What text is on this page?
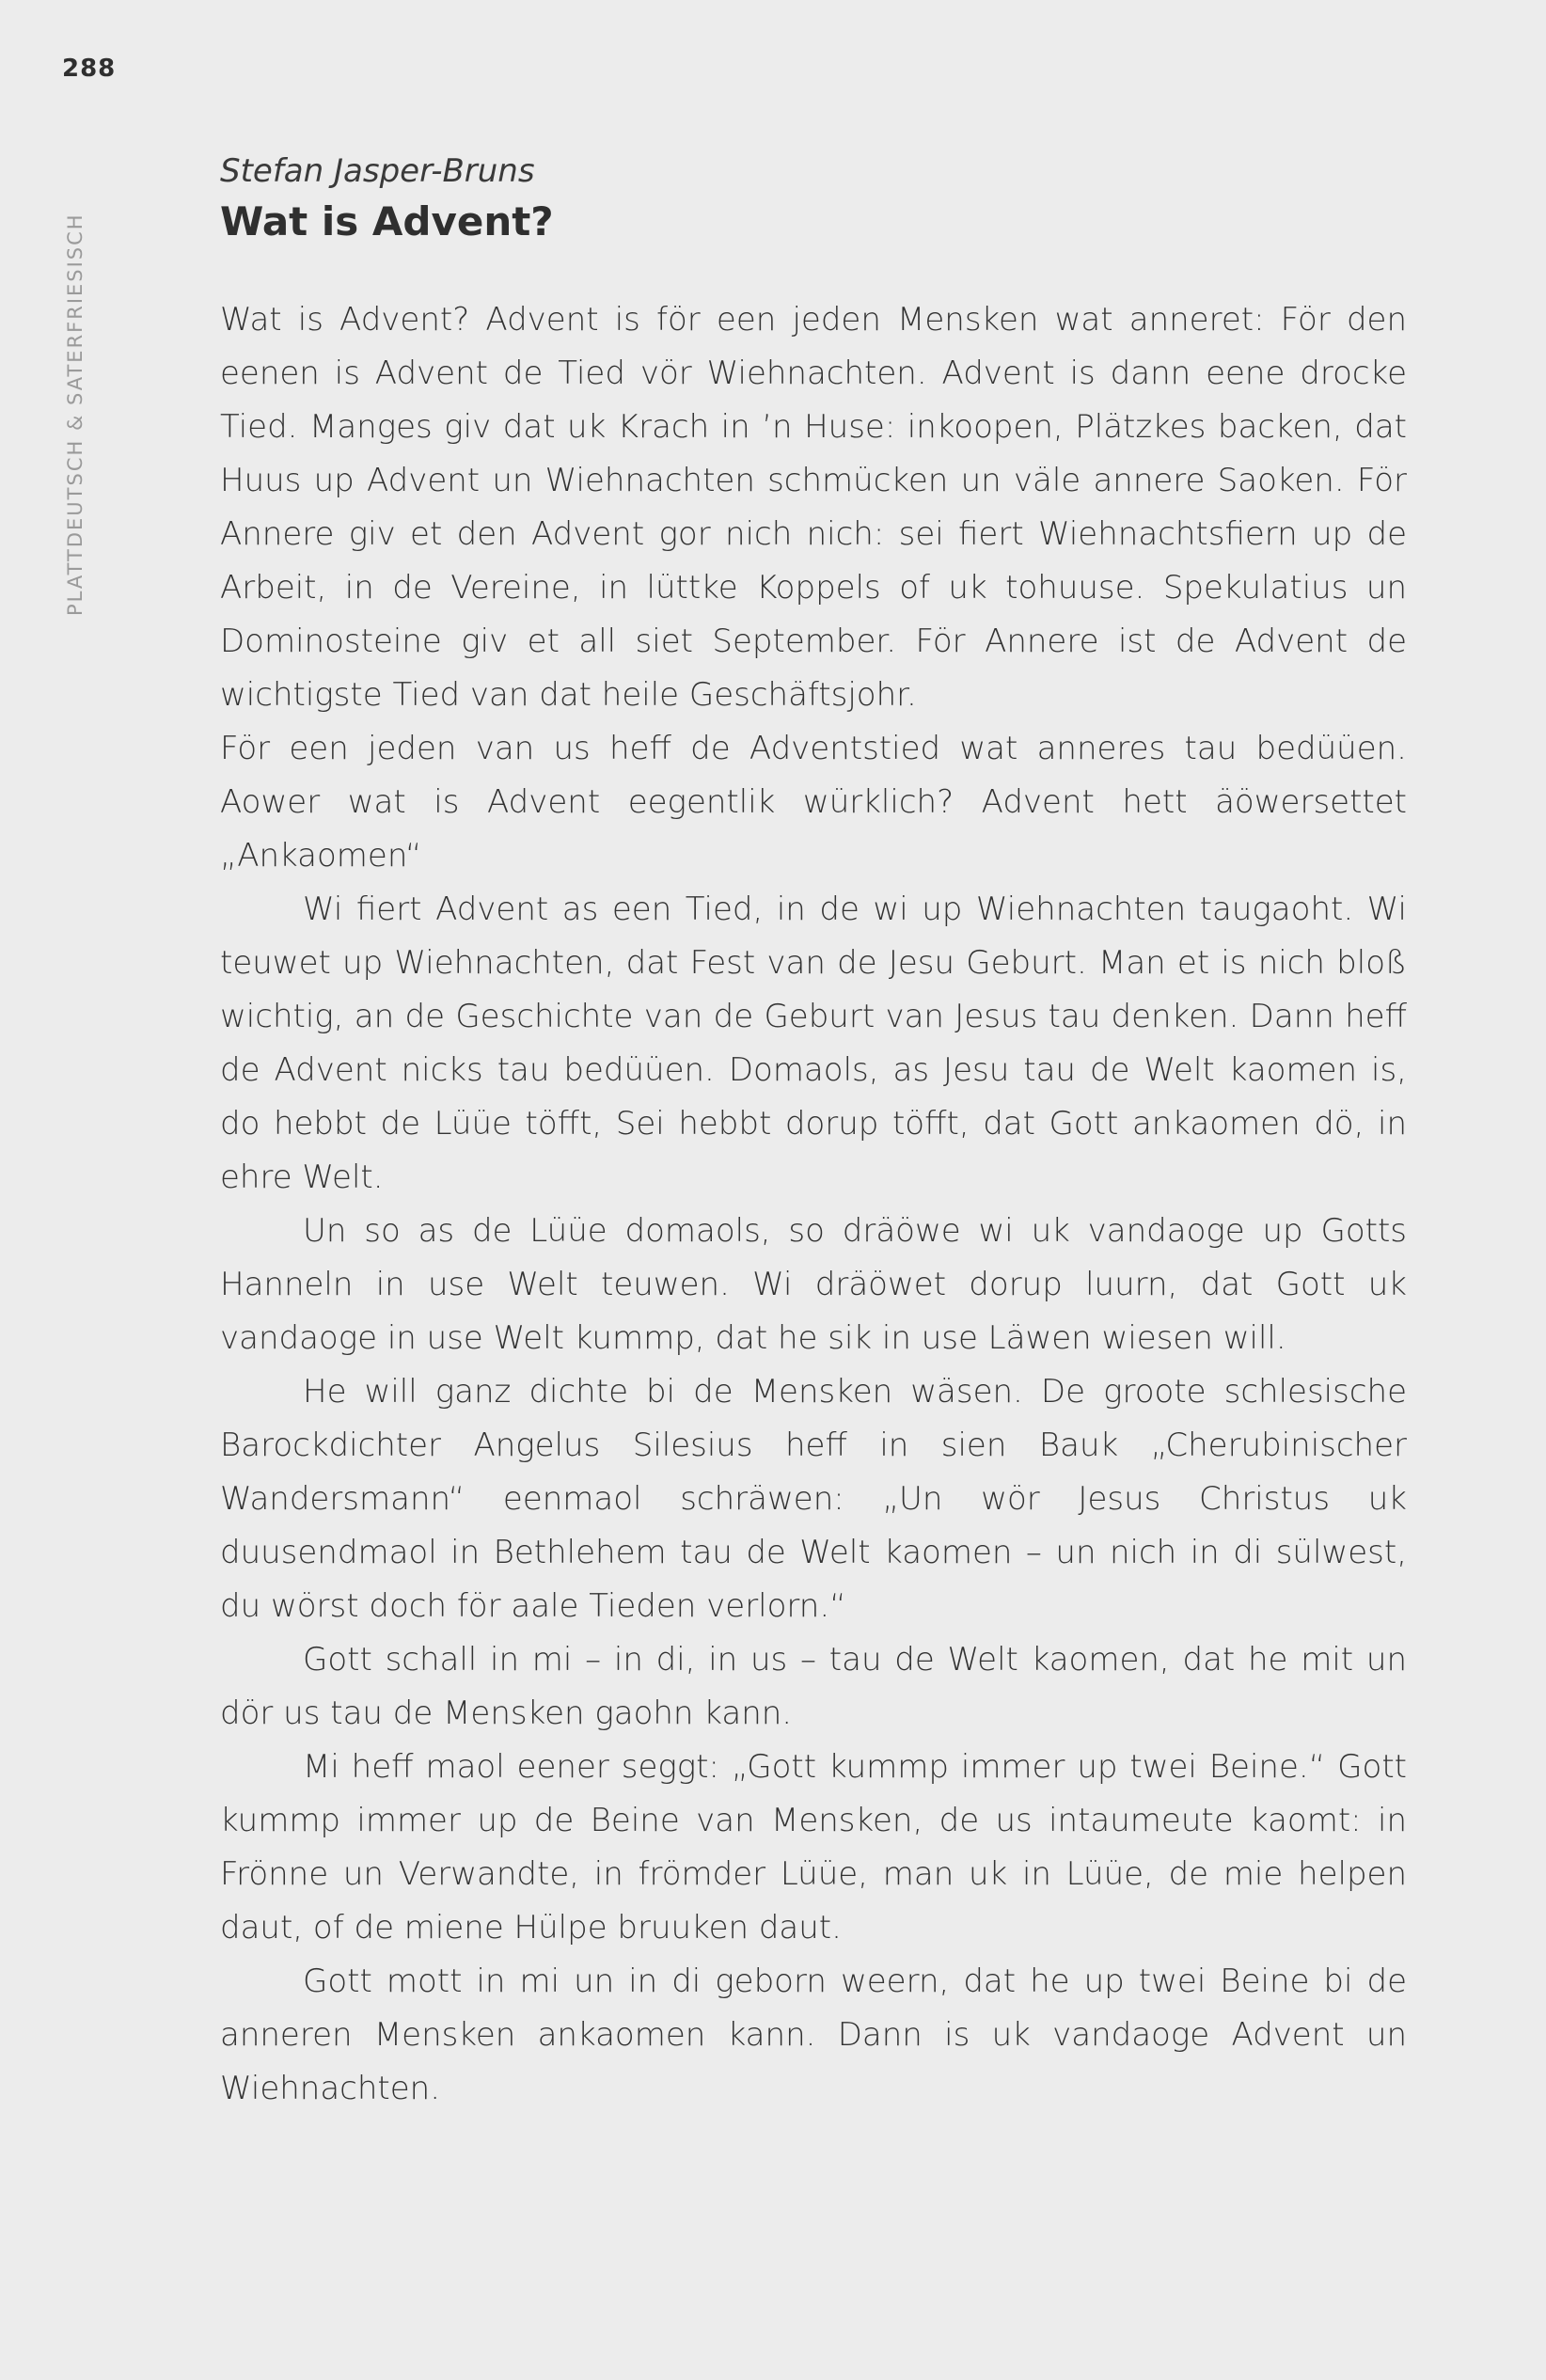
288
PLATTDEUTSCH & SATERFRIESISCH

Stefan Jasper-Bruns

Wat is Advent?

Wat is Advent? Advent is för een jeden Mensken wat anneret: För den eenen is Advent de Tied vör Wiehnachten. Advent is dann eene drocke Tied. Manges giv dat uk Krach in ’n Huse: inkoopen, Plätzkes backen, dat Huus up Advent un Wiehnachten schmücken un väle annere Saoken. För Annere giv et den Advent gor nich nich: sei fiert Wiehnachtsfiern up de Arbeit, in de Vereine, in lüttke Koppels of uk tohuuse. Spekulatius un Dominosteine giv et all siet September. För Annere ist de Advent de wichtigste Tied van dat heile Geschäftsjohr.

För een jeden van us heff de Adventstied wat anneres tau bedüüen. Aower wat is Advent eegentlik würklich? Advent hett äöwersettet „Ankaomen“

Wi fiert Advent as een Tied, in de wi up Wiehnachten taugaoht. Wi teuwet up Wiehnachten, dat Fest van de Jesu Geburt. Man et is nich bloß wichtig, an de Geschichte van de Geburt van Jesus tau denken. Dann heff de Advent nicks tau bedüüen. Domaols, as Jesu tau de Welt kaomen is, do hebbt de Lüüe töfft, Sei hebbt dorup töfft, dat Gott ankaomen dö, in ehre Welt.

Un so as de Lüüe domaols, so dräöwe wi uk vandaoge up Gotts Hanneln in use Welt teuwen. Wi dräöwet dorup luurn, dat Gott uk vandaoge in use Welt kummp, dat he sik in use Läwen wiesen will.

He will ganz dichte bi de Mensken wäsen. De groote schlesische Barockdichter Angelus Silesius heff in sien Bauk „Cherubinischer Wandersmann“ eenmaol schräwen: „Un wör Jesus Christus uk duusendmaol in Bethlehem tau de Welt kaomen – un nich in di sülwest, du wörst doch för aale Tieden verlorn.“

Gott schall in mi – in di, in us – tau de Welt kaomen, dat he mit un dör us tau de Mensken gaohn kann.

Mi heff maol eener seggt: „Gott kummp immer up twei Beine.“ Gott kummp immer up de Beine van Mensken, de us intaumeute kaomt: in Frönne un Verwandte, in frömder Lüüe, man uk in Lüüe, de mie helpen daut, of de miene Hülpe bruuken daut.

Gott mott in mi un in di geborn weern, dat he up twei Beine bi de anneren Mensken ankaomen kann. Dann is uk vandaoge Advent un Wiehnachten.
